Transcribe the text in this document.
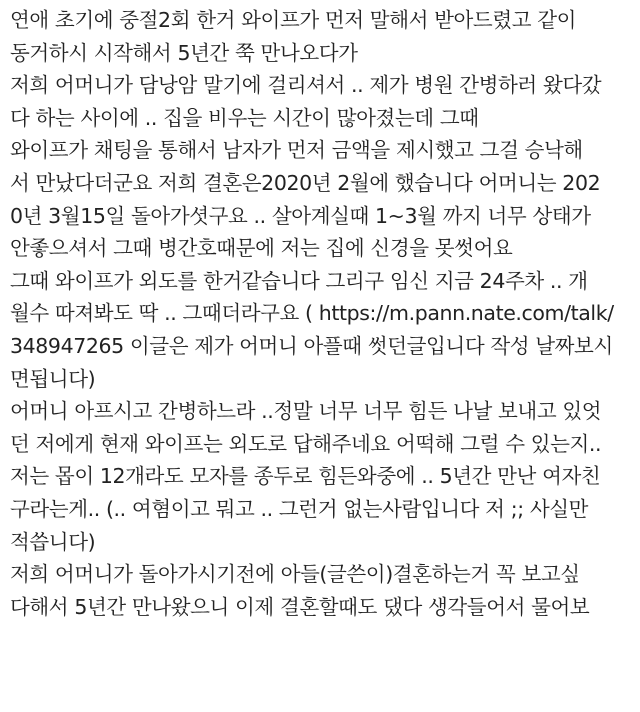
연애 초기에 중절2회 한거 와이프가 먼저 말해서 받아드렸고 같이
동거하시 시작해서 5년간 쭉 만나오다가
저희 어머니가 담낭암 말기에 걸리셔서 .. 제가 병원 간병하러 왔다갔
다 하는 사이에 .. 집을 비우는 시간이 많아졌는데 그때
와이프가 채팅을 통해서 남자가 먼저 금액을 제시했고 그걸 승낙해
서 만났다더군요 저희 결혼은2020년 2월에 했습니다 어머니는 202
0년 3월15일 돌아가셧구요 .. 살아계실때 1~3월 까지 너무 상태가
안좋으셔서 그때 병간호때문에 저는 집에 신경을 못썻어요
그때 와이프가 외도를 한거같습니다 그리구 임신 지금 24주차 .. 개
월수 따져봐도 딱 .. 그때더라구요 ( https://m.pann.nate.com/talk/
348947265 이글은 제가 어머니 아플때 썻던글입니다 작성 날짜보시
면됩니다)
어머니 아프시고 간병하느라 ..정말 너무 너무 힘든 나날 보내고 있엇
던 저에게 현재 와이프는 외도로 답해주네요 어떡해 그럴 수 있는지..
저는 몹이 12개라도 모자를 종두로 힘든와중에 .. 5년간 만난 여자친
구라는게.. (.. 여혐이고 뭐고 .. 그런거 없는사람입니다 저 ;; 사실만
적씁니다)
저희 어머니가 돌아가시기전에 아들(글쓴이)결혼하는거 꼭 보고싶
다해서 5년간 만나왔으니 이제 결혼할때도 댔다 생각들어서 물어보
